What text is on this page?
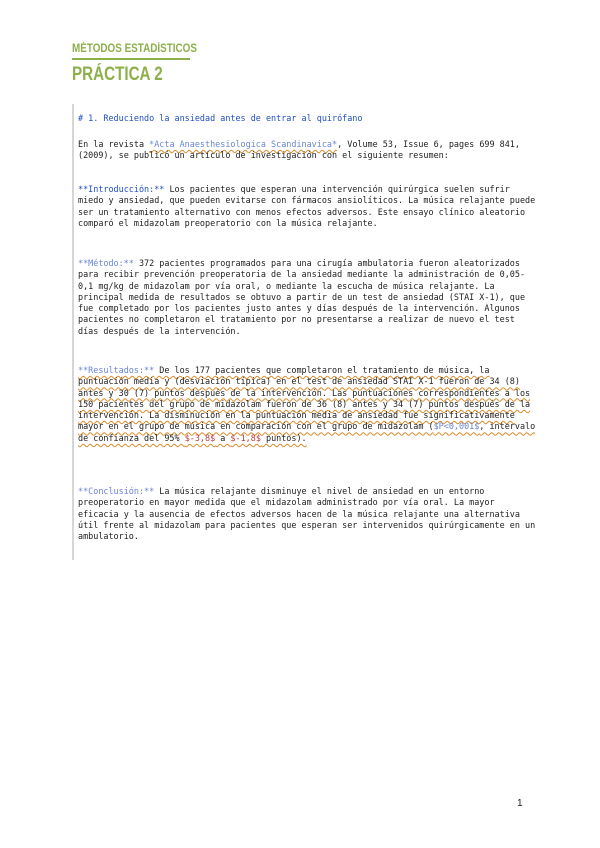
MÉTODOS ESTADÍSTICOS
PRÁCTICA 2
# 1. Reduciendo la ansiedad antes de entrar al quirófano

En la revista *Acta Anaesthesiologica Scandinavica*, Volume 53, Issue 6, pages 699 841, (2009), se publicó un artículo de investigación con el siguiente resumen:

**Introducción:** Los pacientes que esperan una intervención quirúrgica suelen sufrir miedo y ansiedad, que pueden evitarse con fármacos ansiolíticos. La música relajante puede ser un tratamiento alternativo con menos efectos adversos. Este ensayo clínico aleatorio comparó el midazolam preoperatorio con la música relajante.

**Método:** 372 pacientes programados para una cirugía ambulatoria fueron aleatorizados para recibir prevención preoperatoria de la ansiedad mediante la administración de 0,05-0,1 mg/kg de midazolam por vía oral, o mediante la escucha de música relajante. La principal medida de resultados se obtuvo a partir de un test de ansiedad (STAI X-1), que fue completado por los pacientes justo antes y días después de la intervención. Algunos pacientes no completaron el tratamiento por no presentarse a realizar de nuevo el test días después de la intervención.

**Resultados:** De los 177 pacientes que completaron el tratamiento de música, la puntuación media y (desviación típica) en el test de ansiedad STAI X-1 fueron de 34 (8) antes y 30 (7) puntos después de la intervención. Las puntuaciones correspondientes a los 150 pacientes del grupo de midazolam fueron de 36 (8) antes y 34 (7) puntos después de la intervención. La disminución en la puntuación media de ansiedad fue significativamente mayor en el grupo de música en comparación con el grupo de midazolam ($P<0,001$, intervalo de confianza del 95% $-3,8$ a $-1,8$ puntos).

**Conclusión:** La música relajante disminuye el nivel de ansiedad en un entorno preoperatorio en mayor medida que el midazolam administrado por vía oral. La mayor eficacia y la ausencia de efectos adversos hacen de la música relajante una alternativa útil frente al midazolam para pacientes que esperan ser intervenidos quirúrgicamente en un ambulatorio.

1
